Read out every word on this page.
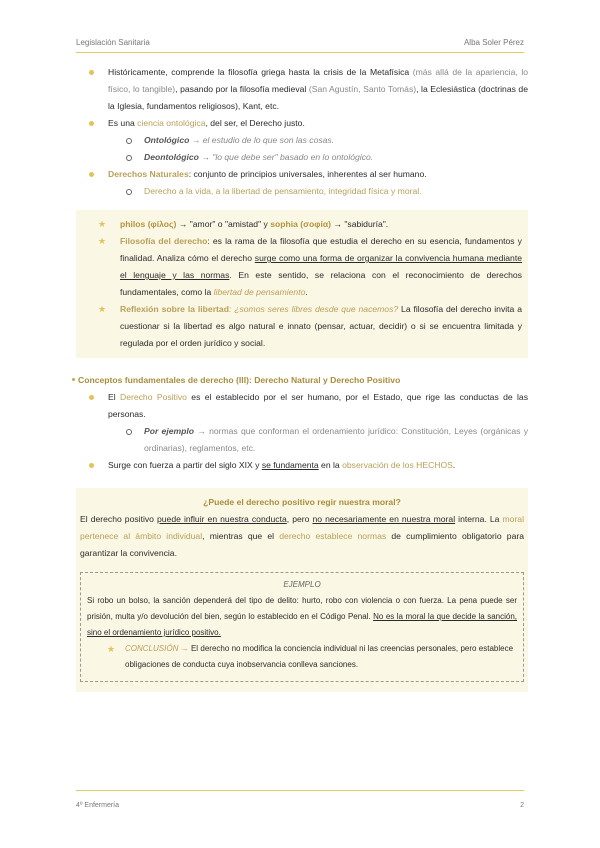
Legislación Sanitaria	Alba Soler Pérez

Históricamente, comprende la filosofía griega hasta la crisis de la Metafísica (más allá de la apariencia, lo físico, lo tangible), pasando por la filosofía medieval (San Agustín, Santo Tomás), la Eclesiástica (doctrinas de la Iglesia, fundamentos religiosos), Kant, etc.

Es una ciencia ontológica, del ser, el Derecho justo.

Ontológico → el estudio de lo que son las cosas.

Deontológico → "lo que debe ser" basado en lo ontológico.

Derechos Naturales: conjunto de principios universales, inherentes al ser humano.

Derecho a la vida, a la libertad de pensamiento, integridad física y moral.

★ philos (φίλος) → "amor" o "amistad" y sophia (σοφία) → "sabiduría".

★ Filosofía del derecho: es la rama de la filosofía que estudia el derecho en su esencia, fundamentos y finalidad. Analiza cómo el derecho surge como una forma de organizar la convivencia humana mediante el lenguaje y las normas. En este sentido, se relaciona con el reconocimiento de derechos fundamentales, como la libertad de pensamiento.

★ Reflexión sobre la libertad: ¿somos seres libres desde que nacemos? La filosofía del derecho invita a cuestionar si la libertad es algo natural e innato (pensar, actuar, decidir) o si se encuentra limitada y regulada por el orden jurídico y social.

Conceptos fundamentales de derecho (III): Derecho Natural y Derecho Positivo

El Derecho Positivo es el establecido por el ser humano, por el Estado, que rige las conductas de las personas.

Por ejemplo → normas que conforman el ordenamiento jurídico: Constitución, Leyes (orgánicas y ordinarias), reglamentos, etc.

Surge con fuerza a partir del siglo XIX y se fundamenta en la observación de los HECHOS.

¿Puede el derecho positivo regir nuestra moral?

El derecho positivo puede influir en nuestra conducta, pero no necesariamente en nuestra moral interna. La moral pertenece al ámbito individual, mientras que el derecho establece normas de cumplimiento obligatorio para garantizar la convivencia.

EJEMPLO

Si robo un bolso, la sanción dependerá del tipo de delito: hurto, robo con violencia o con fuerza. La pena puede ser prisión, multa y/o devolución del bien, según lo establecido en el Código Penal. No es la moral la que decide la sanción, sino el ordenamiento jurídico positivo.

★ CONCLUSIÓN → El derecho no modifica la conciencia individual ni las creencias personales, pero establece obligaciones de conducta cuya inobservancia conlleva sanciones.

4º Enfermería	2
